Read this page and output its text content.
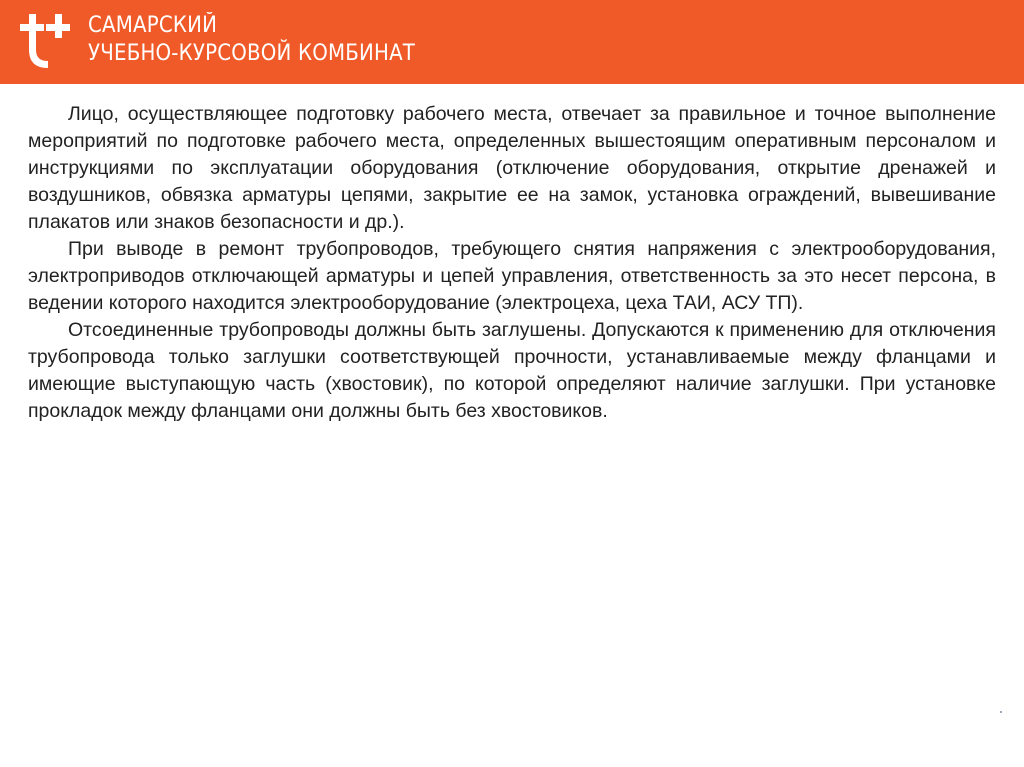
САМАРСКИЙ
УЧЕБНО-КУРСОВОЙ КОМБИНАТ

Лицо, осуществляющее подготовку рабочего места, отвечает за правильное и точное выполнение мероприятий по подготовке рабочего места, определенных вышестоящим оперативным персоналом и инструкциями по эксплуатации оборудования (отключение оборудования, открытие дренажей и воздушников, обвязка арматуры цепями, закрытие ее на замок, установка ограждений, вывешивание плакатов или знаков безопасности и др.).

При выводе в ремонт трубопроводов, требующего снятия напряжения с электрооборудования, электроприводов отключающей арматуры и цепей управления, ответственность за это несет персона, в ведении которого находится электрооборудование (электроцеха, цеха ТАИ, АСУ ТП).

Отсоединенные трубопроводы должны быть заглушены. Допускаются к применению для отключения трубопровода только заглушки соответствующей прочности, устанавливаемые между фланцами и имеющие выступающую часть (хвостовик), по которой определяют наличие заглушки. При установке прокладок между фланцами они должны быть без хвостовиков.
